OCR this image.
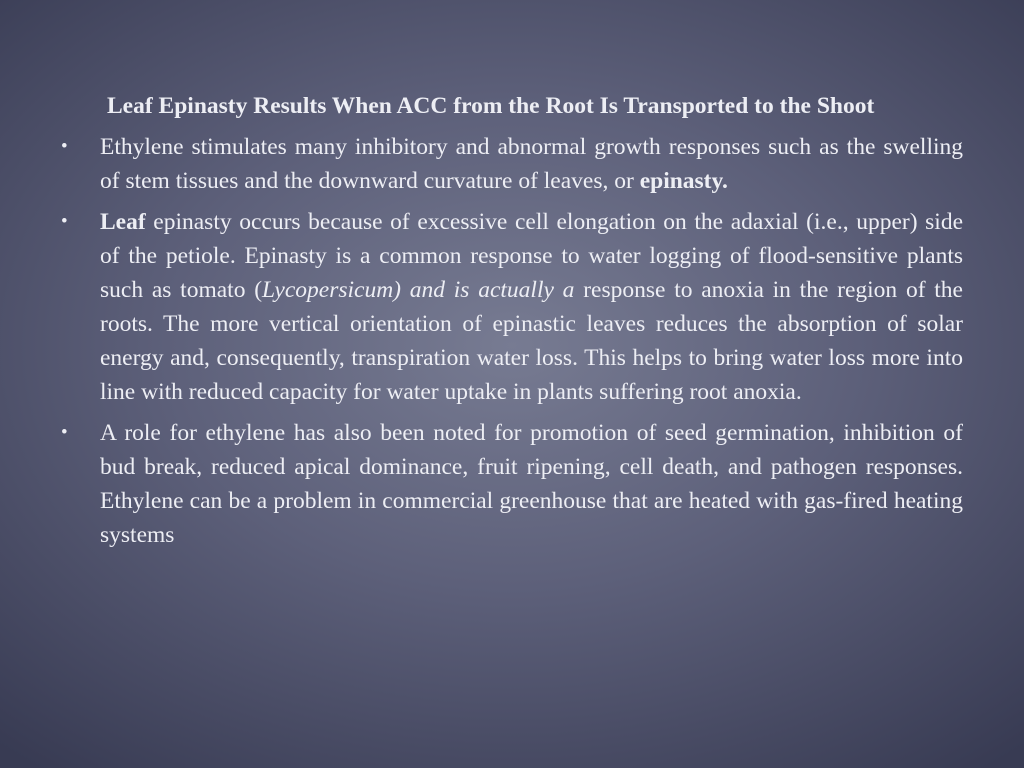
Leaf Epinasty Results When ACC from the Root Is Transported to the Shoot
• Ethylene stimulates many inhibitory and abnormal growth responses such as the swelling of stem tissues and the downward curvature of leaves, or epinasty.
• Leaf epinasty occurs because of excessive cell elongation on the adaxial (i.e., upper) side of the petiole. Epinasty is a common response to water logging of flood-sensitive plants such as tomato (Lycopersicum) and is actually a response to anoxia in the region of the roots. The more vertical orientation of epinastic leaves reduces the absorption of solar energy and, consequently, transpiration water loss. This helps to bring water loss more into line with reduced capacity for water uptake in plants suffering root anoxia.
• A role for ethylene has also been noted for promotion of seed germination, inhibition of bud break, reduced apical dominance, fruit ripening, cell death, and pathogen responses. Ethylene can be a problem in commercial greenhouse that are heated with gas-fired heating systems
